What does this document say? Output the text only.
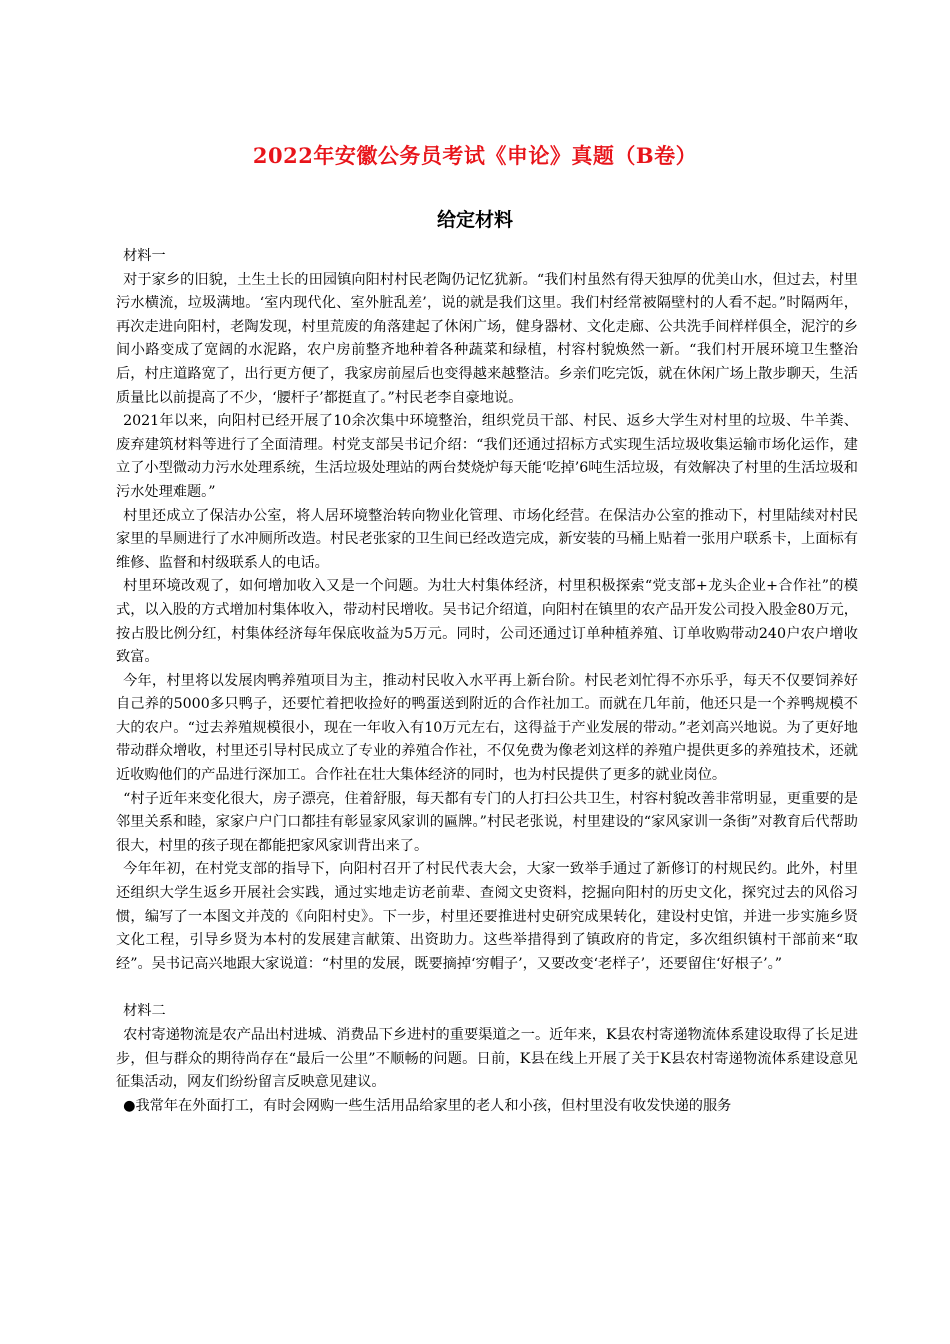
2022年安徽公务员考试《申论》真题（B卷）
给定材料

材料一

对于家乡的旧貌，土生土长的田园镇向阳村村民老陶仍记忆犹新。“我们村虽然有得天独厚的优美山水，但过去，村里污水横流，垃圾满地。‘室内现代化、室外脏乱差’，说的就是我们这里。我们村经常被隔壁村的人看不起。”时隔两年，再次走进向阳村，老陶发现，村里荒废的角落建起了休闲广场，健身器材、文化走廊、公共洗手间样样俱全，泥泞的乡间小路变成了宽阔的水泥路，农户房前整齐地种着各种蔬菜和绿植，村容村貌焕然一新。“我们村开展环境卫生整治后，村庄道路宽了，出行更方便了，我家房前屋后也变得越来越整洁。乡亲们吃完饭，就在休闲广场上散步聊天，生活质量比以前提高了不少，‘腰杆子’都挺直了。”村民老李自豪地说。

2021年以来，向阳村已经开展了10余次集中环境整治，组织党员干部、村民、返乡大学生对村里的垃圾、牛羊粪、废弃建筑材料等进行了全面清理。村党支部吴书记介绍：“我们还通过招标方式实现生活垃圾收集运输市场化运作，建立了小型微动力污水处理系统，生活垃圾处理站的两台焚烧炉每天能‘吃掉’6吨生活垃圾，有效解决了村里的生活垃圾和污水处理难题。”

村里还成立了保洁办公室，将人居环境整治转向物业化管理、市场化经营。在保洁办公室的推动下，村里陆续对村民家里的旱厕进行了水冲厕所改造。村民老张家的卫生间已经改造完成，新安装的马桶上贴着一张用户联系卡，上面标有维修、监督和村级联系人的电话。

村里环境改观了，如何增加收入又是一个问题。为壮大村集体经济，村里积极探索“党支部+龙头企业+合作社”的模式，以入股的方式增加村集体收入，带动村民增收。吴书记介绍道，向阳村在镇里的农产品开发公司投入股金80万元，按占股比例分红，村集体经济每年保底收益为5万元。同时，公司还通过订单种植养殖、订单收购带动240户农户增收致富。

今年，村里将以发展肉鸭养殖项目为主，推动村民收入水平再上新台阶。村民老刘忙得不亦乐乎，每天不仅要饲养好自己养的5000多只鸭子，还要忙着把收捡好的鸭蛋送到附近的合作社加工。而就在几年前，他还只是一个养鸭规模不大的农户。“过去养殖规模很小，现在一年收入有10万元左右，这得益于产业发展的带动。”老刘高兴地说。为了更好地带动群众增收，村里还引导村民成立了专业的养殖合作社，不仅免费为像老刘这样的养殖户提供更多的养殖技术，还就近收购他们的产品进行深加工。合作社在壮大集体经济的同时，也为村民提供了更多的就业岗位。

“村子近年来变化很大，房子漂亮，住着舒服，每天都有专门的人打扫公共卫生，村容村貌改善非常明显，更重要的是邻里关系和睦，家家户户门口都挂有彰显家风家训的匾牌。”村民老张说，村里建设的“家风家训一条街”对教育后代帮助很大，村里的孩子现在都能把家风家训背出来了。

今年年初，在村党支部的指导下，向阳村召开了村民代表大会，大家一致举手通过了新修订的村规民约。此外，村里还组织大学生返乡开展社会实践，通过实地走访老前辈、查阅文史资料，挖掘向阳村的历史文化，探究过去的风俗习惯，编写了一本图文并茂的《向阳村史》。下一步，村里还要推进村史研究成果转化，建设村史馆，并进一步实施乡贤文化工程，引导乡贤为本村的发展建言献策、出资助力。这些举措得到了镇政府的肯定，多次组织镇村干部前来“取经”。吴书记高兴地跟大家说道：“村里的发展，既要摘掉‘穷帽子’，又要改变‘老样子’，还要留住‘好根子’。”

材料二

农村寄递物流是农产品出村进城、消费品下乡进村的重要渠道之一。近年来，K县农村寄递物流体系建设取得了长足进步，但与群众的期待尚存在“最后一公里”不顺畅的问题。日前，K县在线上开展了关于K县农村寄递物流体系建设意见征集活动，网友们纷纷留言反映意见建议。

●我常年在外面打工，有时会网购一些生活用品给家里的老人和小孩，但村里没有收发快递的服务
